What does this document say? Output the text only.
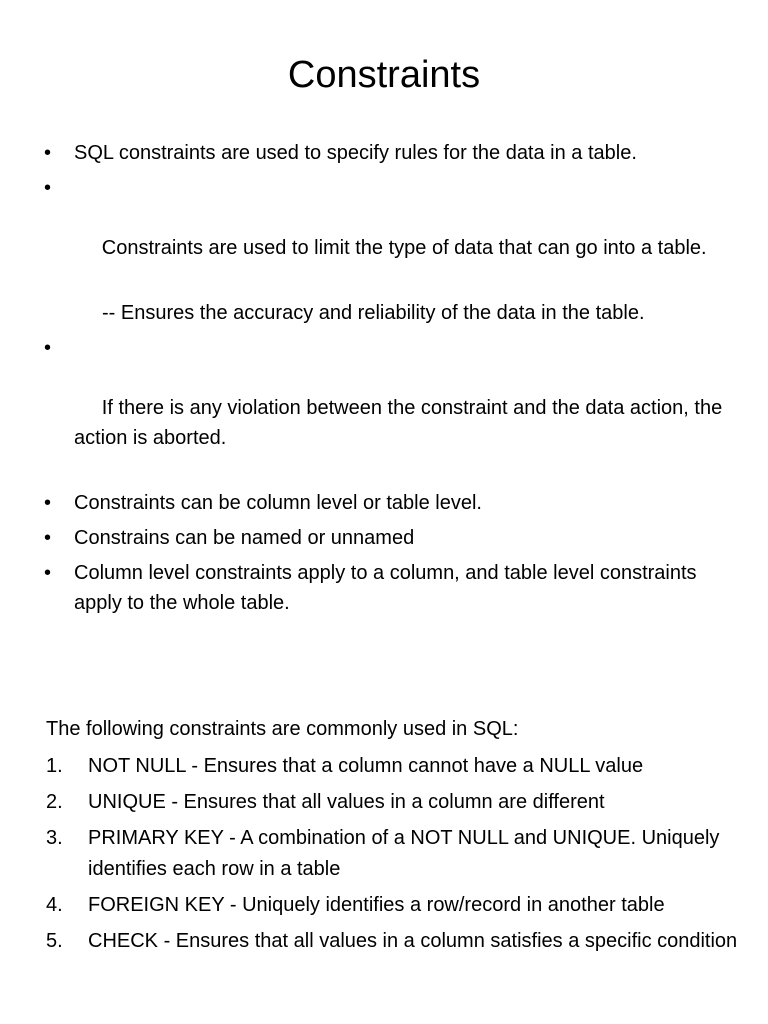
Constraints
• SQL constraints are used to specify rules for the data in a table.

•

Constraints are used to limit the type of data that can go into a table.

-- Ensures the accuracy and reliability of the data in the table.

•

If there is any violation between the constraint and the data action, the action is aborted.

• Constraints can be column level or table level.
• Constrains can be named or unnamed
• Column level constraints apply to a column, and table level constraints apply to the whole table.

The following constraints are commonly used in SQL:

1. NOT NULL - Ensures that a column cannot have a NULL value
2. UNIQUE - Ensures that all values in a column are different
3. PRIMARY KEY - A combination of a NOT NULL and UNIQUE. Uniquely identifies each row in a table
4. FOREIGN KEY - Uniquely identifies a row/record in another table
5. CHECK - Ensures that all values in a column satisfies a specific condition
